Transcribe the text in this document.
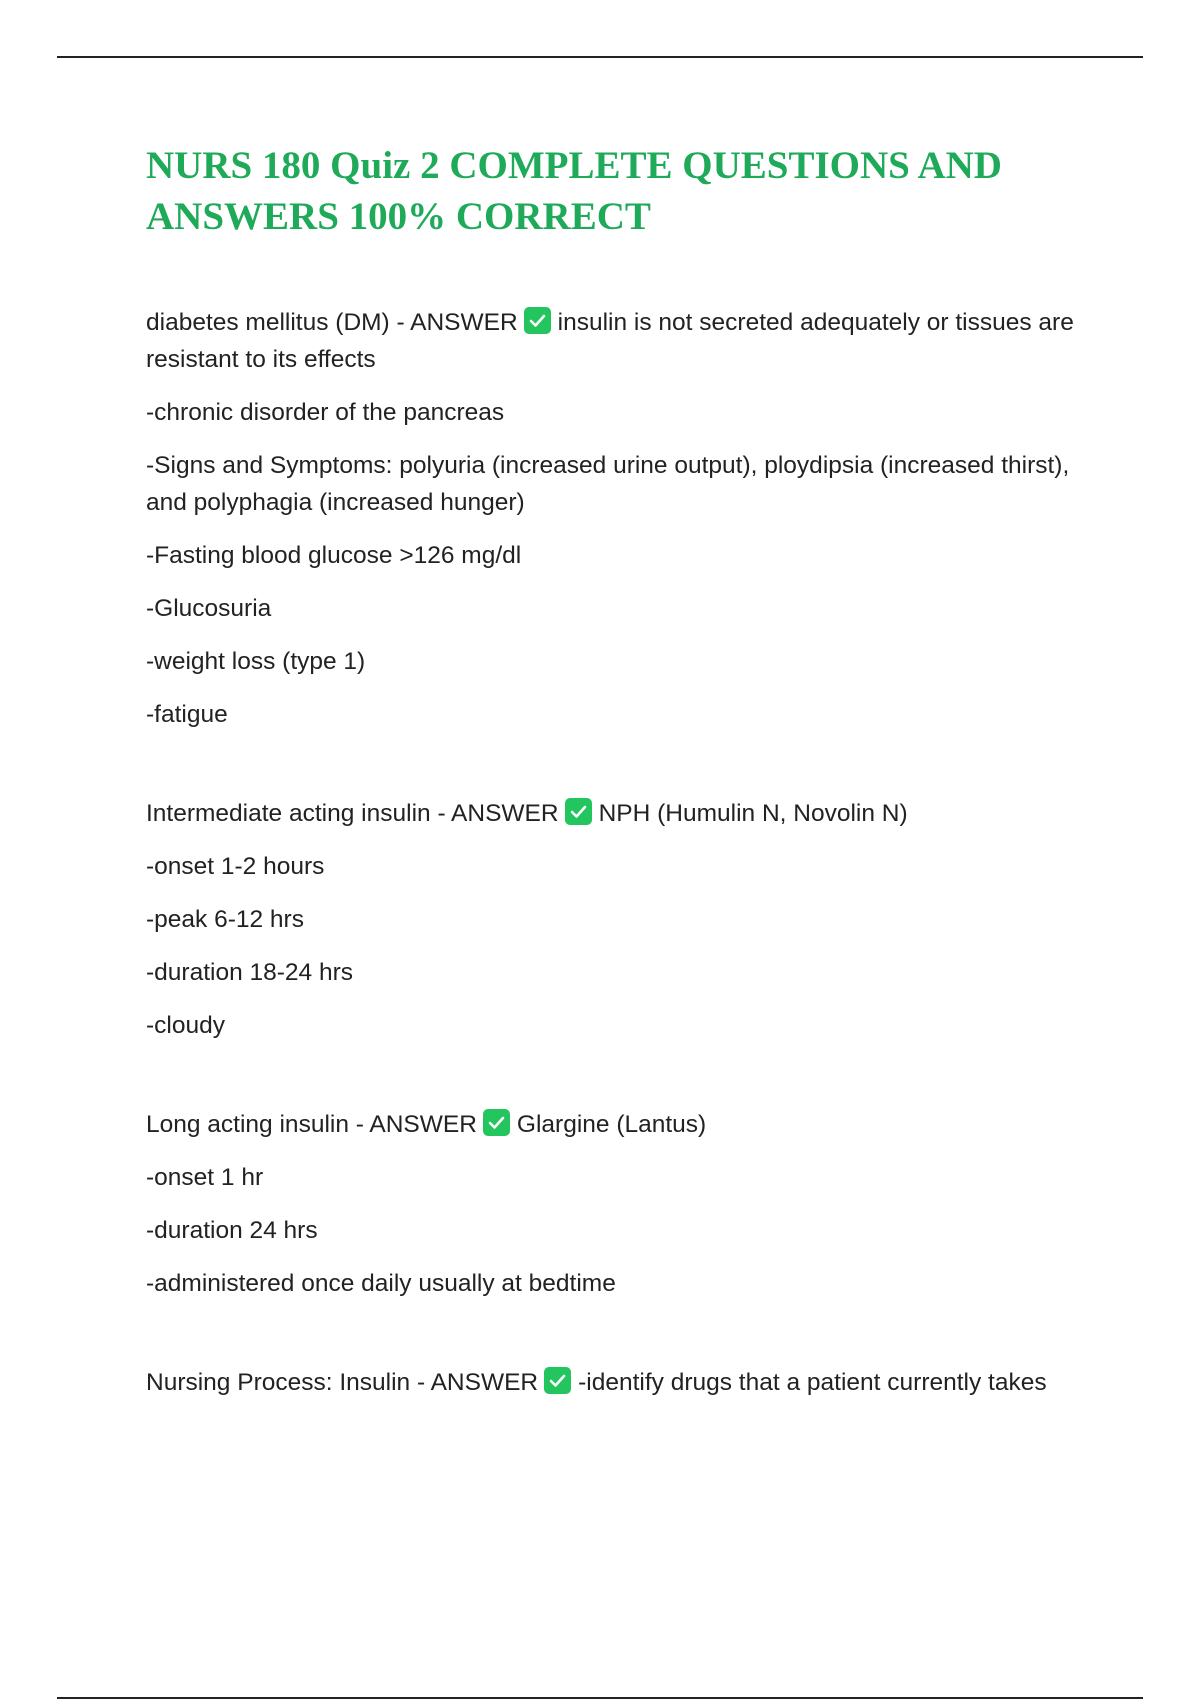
NURS 180 Quiz 2 COMPLETE QUESTIONS AND ANSWERS 100% CORRECT

diabetes mellitus (DM) - ANSWER insulin is not secreted adequately or tissues are resistant to its effects

-chronic disorder of the pancreas

-Signs and Symptoms: polyuria (increased urine output), ploydipsia (increased thirst), and polyphagia (increased hunger)

-Fasting blood glucose >126 mg/dl

-Glucosuria

-weight loss (type 1)

-fatigue

Intermediate acting insulin - ANSWER NPH (Humulin N, Novolin N)

-onset 1-2 hours

-peak 6-12 hrs

-duration 18-24 hrs

-cloudy

Long acting insulin - ANSWER Glargine (Lantus)

-onset 1 hr

-duration 24 hrs

-administered once daily usually at bedtime

Nursing Process: Insulin - ANSWER -identify drugs that a patient currently takes
